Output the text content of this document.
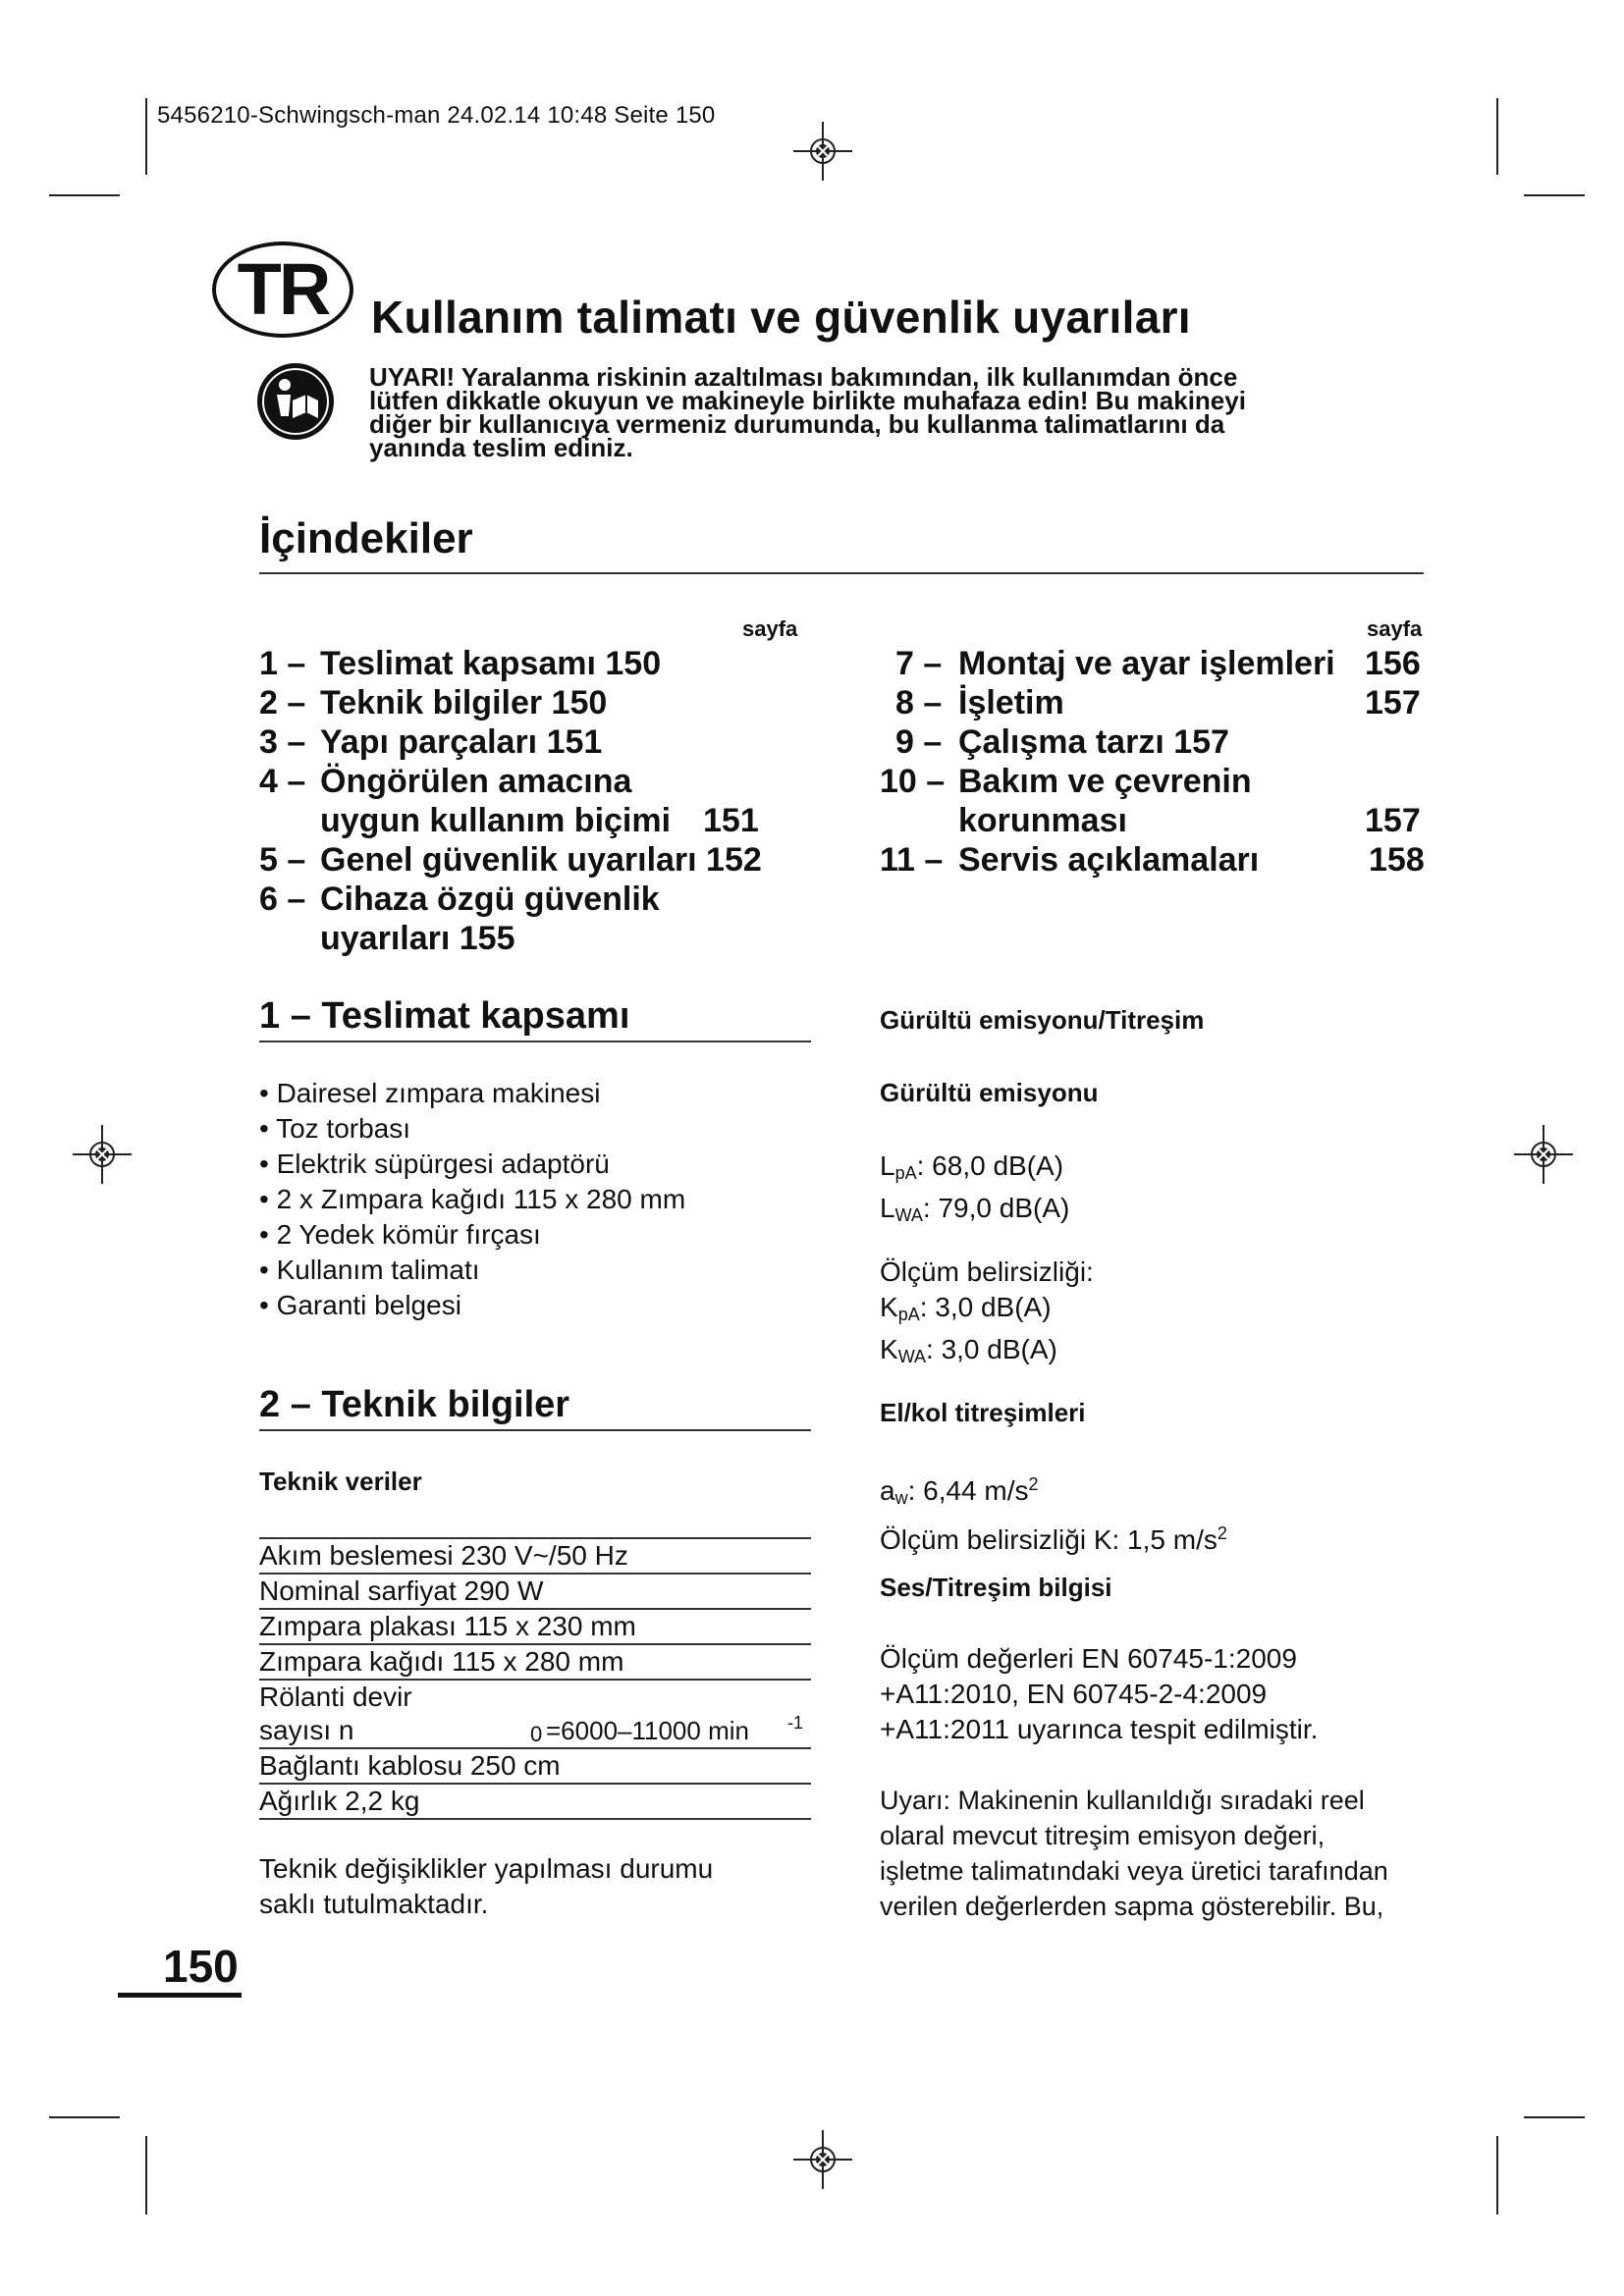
5456210-Schwingsch-man 24.02.14 10:48 Seite 150
TR Kullanım talimatı ve güvenlik uyarıları
UYARI! Yaralanma riskinin azaltılması bakımından, ilk kullanımdan önce
lütfen dikkatle okuyun ve makineyle birlikte muhafaza edin! Bu makineyi
diğer bir kullanıcıya vermeniz durumunda, bu kullanma talimatlarını da
yanında teslim ediniz.
İçindekiler
sayfa	sayfa
1 – Teslimat kapsamı 150
2 – Teknik bilgiler 150
3 – Yapı parçaları 151
4 – Öngörülen amacına
uygun kullanım biçimi 151
5 – Genel güvenlik uyarıları 152
6 – Cihaza özgü güvenlik
uyarıları 155
7 – Montaj ve ayar işlemleri 156
8 – İşletim	157
9 – Çalışma tarzı 157
10 – Bakım ve çevrenin
korunması	157
11 – Servis açıklamaları	158
1 – Teslimat kapsamı
• Dairesel zımpara makinesi
• Toz torbası
• Elektrik süpürgesi adaptörü
• 2 x Zımpara kağıdı 115 x 280 mm
• 2 Yedek kömür fırçası
• Kullanım talimatı
• Garanti belgesi
2 – Teknik bilgiler
Teknik veriler
Akım beslemesi 230 V~/50 Hz
Nominal sarfiyat 290 W
Zımpara plakası 115 x 230 mm
Zımpara kağıdı 115 x 280 mm
Rölanti devir
sayısı n	0 =6000–11000 min -1
Bağlantı kablosu 250 cm
Ağırlık 2,2 kg
Teknik değişiklikler yapılması durumu
saklı tutulmaktadır.
Gürültü emisyonu/Titreşim
Gürültü emisyonu
$L_{pA}$: 68,0 dB(A)
$L_{WA}$: 79,0 dB(A)
Ölçüm belirsizliği:
$K_{pA}$: 3,0 dB(A)
$K_{WA}$: 3,0 dB(A)
El/kol titreşimleri
$a_w$: 6,44 $m/s^2$
Ölçüm belirsizliği K: 1,5 $m/s^2$
Ses/Titreşim bilgisi
Ölçüm değerleri EN 60745-1:2009
+A11:2010, EN 60745-2-4:2009
+A11:2011 uyarınca tespit edilmiştir.
Uyarı: Makinenin kullanıldığı sıradaki reel
olaral mevcut titreşim emisyon değeri,
işletme talimatındaki veya üretici tarafından
verilen değerlerden sapma gösterebilir. Bu,
150
